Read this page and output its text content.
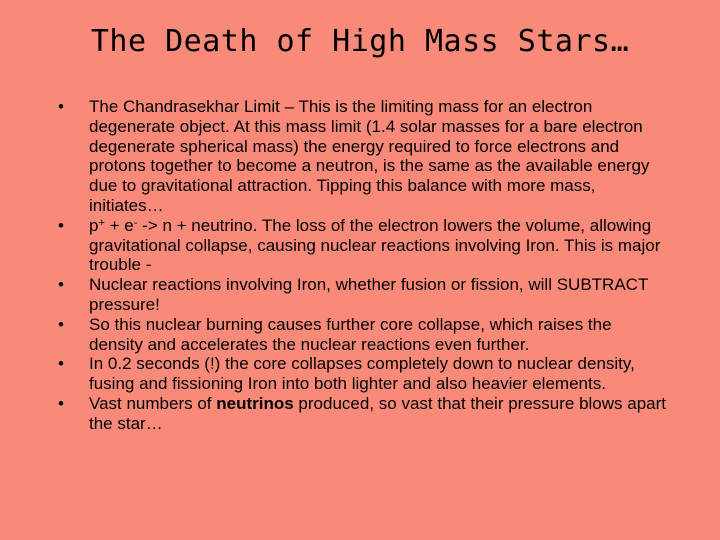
The Death of High Mass Stars…
• The Chandrasekhar Limit – This is the limiting mass for an electron degenerate object. At this mass limit (1.4 solar masses for a bare electron degenerate spherical mass) the energy required to force electrons and protons together to become a neutron, is the same as the available energy due to gravitational attraction. Tipping this balance with more mass, initiates…
• p+ + e- -> n + neutrino. The loss of the electron lowers the volume, allowing gravitational collapse, causing nuclear reactions involving Iron. This is major trouble -
• Nuclear reactions involving Iron, whether fusion or fission, will SUBTRACT pressure!
• So this nuclear burning causes further core collapse, which raises the density and accelerates the nuclear reactions even further.
• In 0.2 seconds (!) the core collapses completely down to nuclear density, fusing and fissioning Iron into both lighter and also heavier elements.
• Vast numbers of neutrinos produced, so vast that their pressure blows apart the star…
